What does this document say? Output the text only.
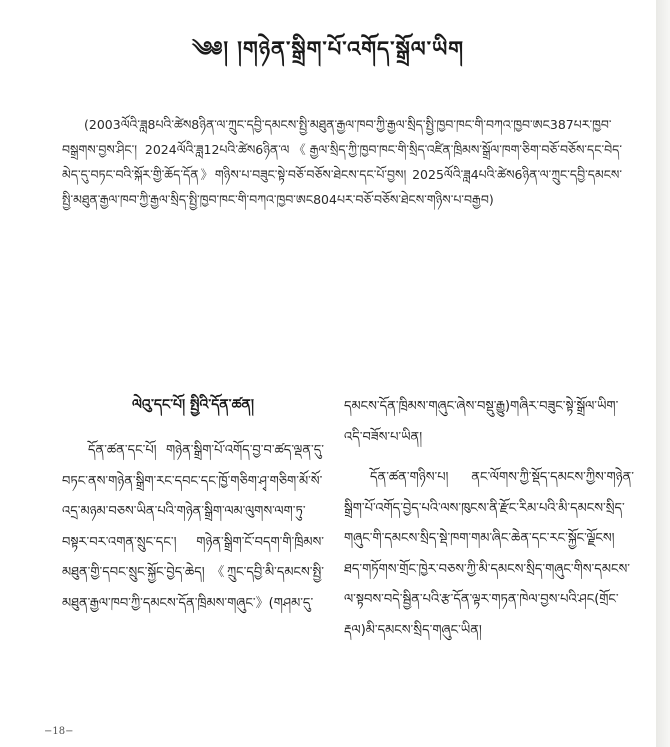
༄༅། །གཉེན་སྒྲིག་པོ་འགོད་སྒྲོལ་ཡིག
(2003ལོའི་ཟླ8པའི་ཚེས8ཉིན་ལ་ཀྲུང་དབྱི་དམངས་སྤྱི་མཐུན་རྒྱལ་ཁབ་ཀྱི་རྒྱལ་སྲིད་སྤྱི་ཁྱབ་ཁང་གི་བཀའ་ཁྱབ་ཨང387པར་ཁྱབ་བསྒྲགས་བྱས་ཤིང་། 2024ལོའི་ཟླ12པའི་ཚེས6ཉིན་ལ《རྒྱལ་སྲིད་ཀྱི་ཁྱབ་ཁང་གི་སྲིད་འཛིན་ཁྲིམས་སྒྲོལ་ཁག་ཅིག་བཅོ་བཅོས་དང་བེད་མེད་དུ་བཏང་བའི་སྐོར་གྱི་ཆོད་དོན》གཉིས་པ་བཟུང་སྟེ་བཅོ་བཅོས་ཐེངས་དང་པོ་བྱས། 2025ལོའི་ཟླ4པའི་ཚེས6ཉིན་ལ་ཀྲུང་དབྱི་དམངས་སྤྱི་མཐུན་རྒྱལ་ཁབ་ཀྱི་རྒྱལ་སྲིད་སྤྱི་ཁྱབ་ཁང་གི་བཀའ་ཁྱབ་ཨང804པར་བཅོ་བཅོས་ཐེངས་གཉིས་པ་བརྒྱབ)
ལེའུ་དང་པོ། སྤྱིའི་དོན་ཚན།

དོན་ཚན་དང་པོ། གཉེན་སྒྲིག་པོ་འགོད་བྱ་བ་ཚད་ལྡན་དུ་བཏང་ནས་གཉེན་སྒྲིག་རང་དབང་དང་ཁྱོ་གཅིག་ཤྭ་གཅིག་མོ་སོ་འདྲ་མཉམ་བཅས་ཡིན་པའི་གཉེན་སྒྲིག་ལམ་ལུགས་ལག་ཏུ་བསྟར་བར་འགན་སྲུང་དང་། གཉེན་སྒྲིག་ངོ་བདག་གི་ཁྲིམས་མཐུན་གྱི་དབང་སྲུང་སྐྱོང་བྱེད་ཆེད། 《ཀྲུང་དབྱི་མི་དམངས་སྤྱི་མཐུན་རྒྱལ་ཁབ་ཀྱི་དམངས་དོན་ཁྲིམས་གཞུང་》(གཤམ་དུ་

དམངས་དོན་ཁྲིམས་གཞུང་ཞེས་བསྡུ་རྒྱུ)གཞིར་བཟུང་སྟེ་སྒྲོལ་ཡིག་འདི་བཟོས་པ་ཡིན།

དོན་ཚན་གཉིས་པ། ནང་ལོགས་ཀྱི་སྡོད་དམངས་ཀྱིས་གཉེན་སྒྲིག་པོ་འགོད་བྱེད་པའི་ལས་ཁུངས་ནི་རྫོང་རིམ་པའི་མི་དམངས་སྲིད་གཞུང་གི་དམངས་སྲིད་སྡེ་ཁག་གམ་ཞིང་ཆེན་དང་རང་སྐྱོང་ལྗོངས། ཐད་གཏོགས་གྲོང་ཁྱེར་བཅས་ཀྱི་མི་དམངས་སྲིད་གཞུང་གིས་དམངས་ལ་སྟབས་བདེ་སྦྱིན་པའི་རྩ་དོན་ལྟར་གཏན་ཁེལ་བྱས་པའི་ཤང(གྲོང་རྡལ)མི་དམངས་སྲིད་གཞུང་ཡིན།

−18−
